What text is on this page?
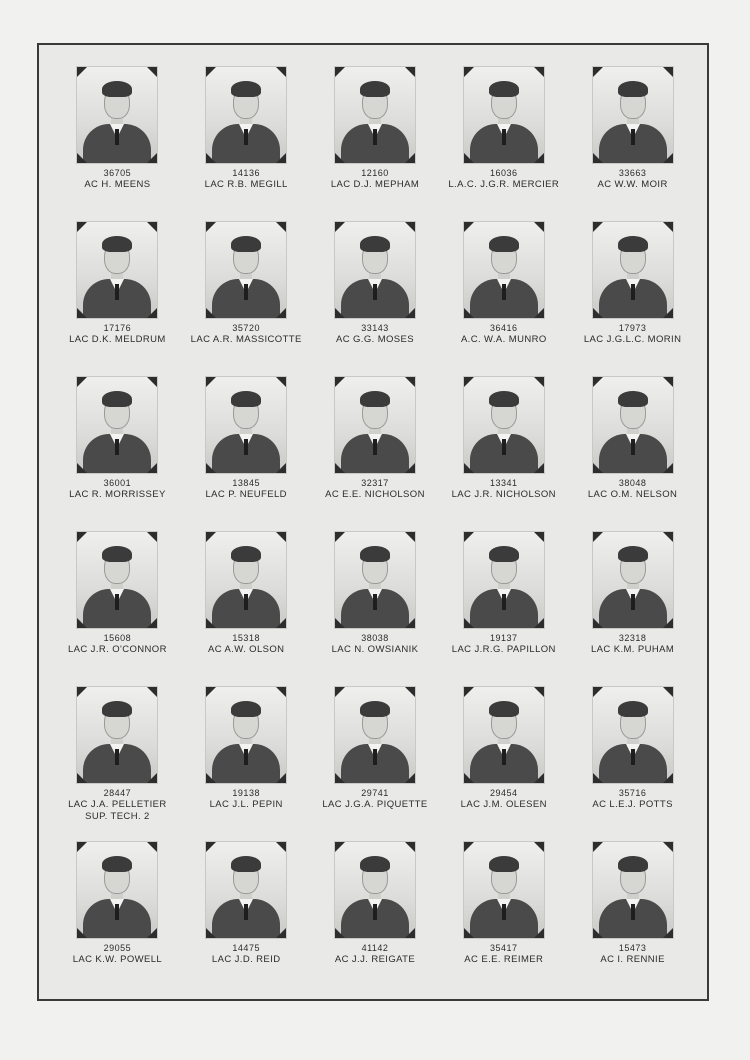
36705
AC H. MEENS
14136
LAC R.B. MEGILL
12160
LAC D.J. MEPHAM
16036
L.A.C. J.G.R. MERCIER
33663
AC W.W. MOIR
17176
LAC D.K. MELDRUM
35720
LAC A.R. MASSICOTTE
33143
AC G.G. MOSES
36416
A.C. W.A. MUNRO
17973
LAC J.G.L.C. MORIN
36001
LAC R. MORRISSEY
13845
LAC P. NEUFELD
32317
AC E.E. NICHOLSON
13341
LAC J.R. NICHOLSON
38048
LAC O.M. NELSON
15608
LAC J.R. O'CONNOR
15318
AC A.W. OLSON
38038
LAC N. OWSIANIK
19137
LAC J.R.G. PAPILLON
32318
LAC K.M. PUHAM
28447
LAC J.A. PELLETIER
SUP. TECH. 2
19138
LAC J.L. PEPIN
29741
LAC J.G.A. PIQUETTE
29454
LAC J.M. OLESEN
35716
AC L.E.J. POTTS
29055
LAC K.W. POWELL
14475
LAC J.D. REID
41142
AC J.J. REIGATE
35417
AC E.E. REIMER
15473
AC I. RENNIE
